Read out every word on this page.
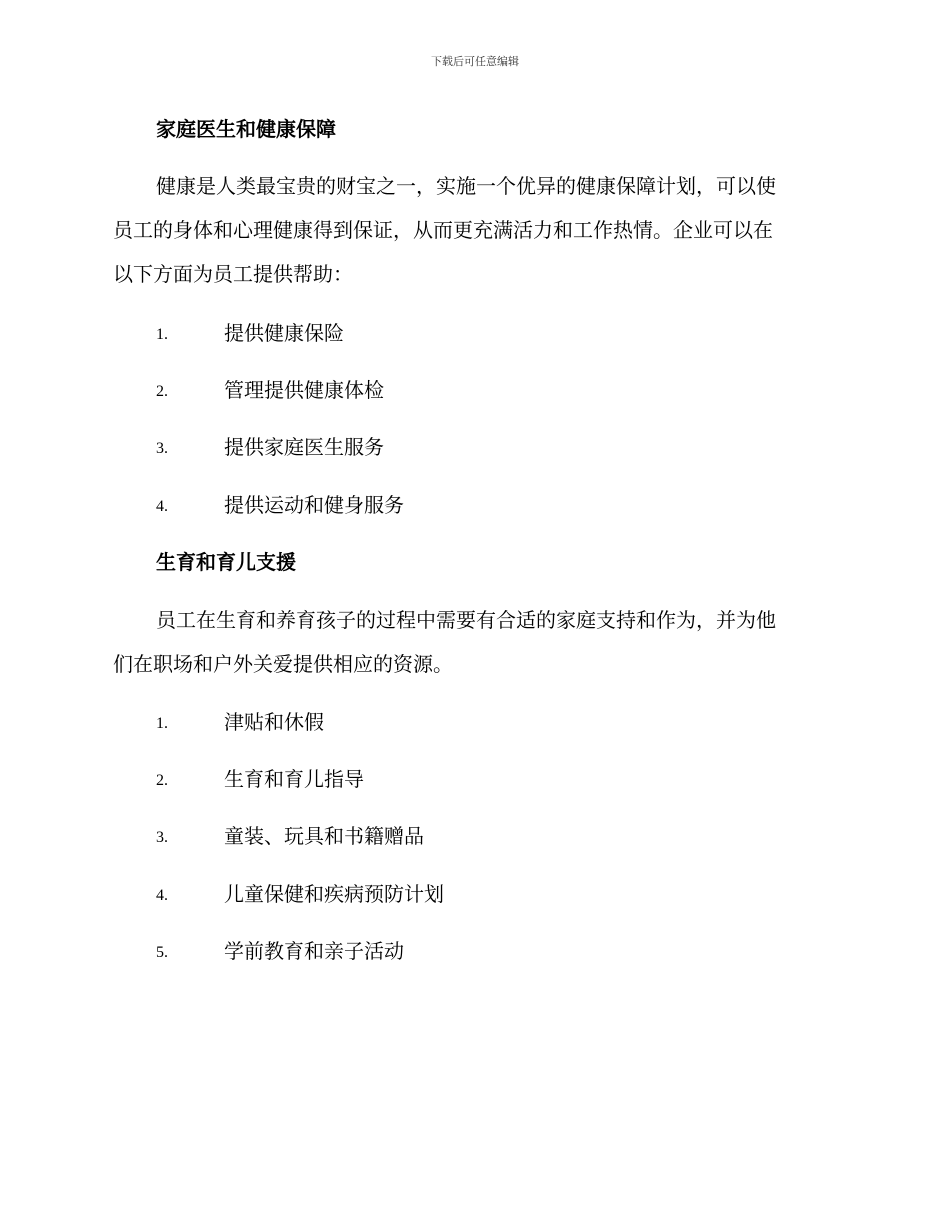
下载后可任意编辑
家庭医生和健康保障
健康是人类最宝贵的财宝之一，实施一个优异的健康保障计划，可以使
员工的身体和心理健康得到保证，从而更充满活力和工作热情。企业可以在
以下方面为员工提供帮助：
1.	提供健康保险
2.	管理提供健康体检
3.	提供家庭医生服务
4.	提供运动和健身服务
生育和育儿支援
员工在生育和养育孩子的过程中需要有合适的家庭支持和作为，并为他
们在职场和户外关爱提供相应的资源。
1.	津贴和休假
2.	生育和育儿指导
3.	童装、玩具和书籍赠品
4.	儿童保健和疾病预防计划
5.	学前教育和亲子活动
